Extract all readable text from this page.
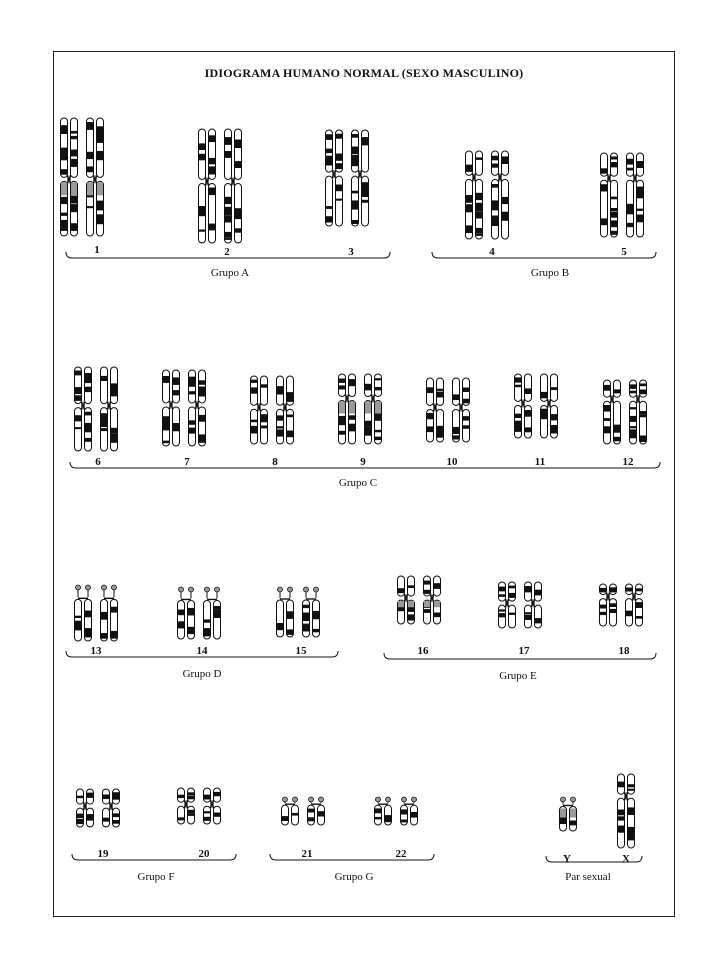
IDIOGRAMA HUMANO NORMAL (SEXO MASCULINO)
1	2	3	4	5
6	7	8	9	10	11	12
13	14	15	16	17	18
19	20	21	22	Y	X
Grupo A	Grupo B
Grupo C
Grupo D	Grupo E
Grupo F	Grupo G	Par sexual
